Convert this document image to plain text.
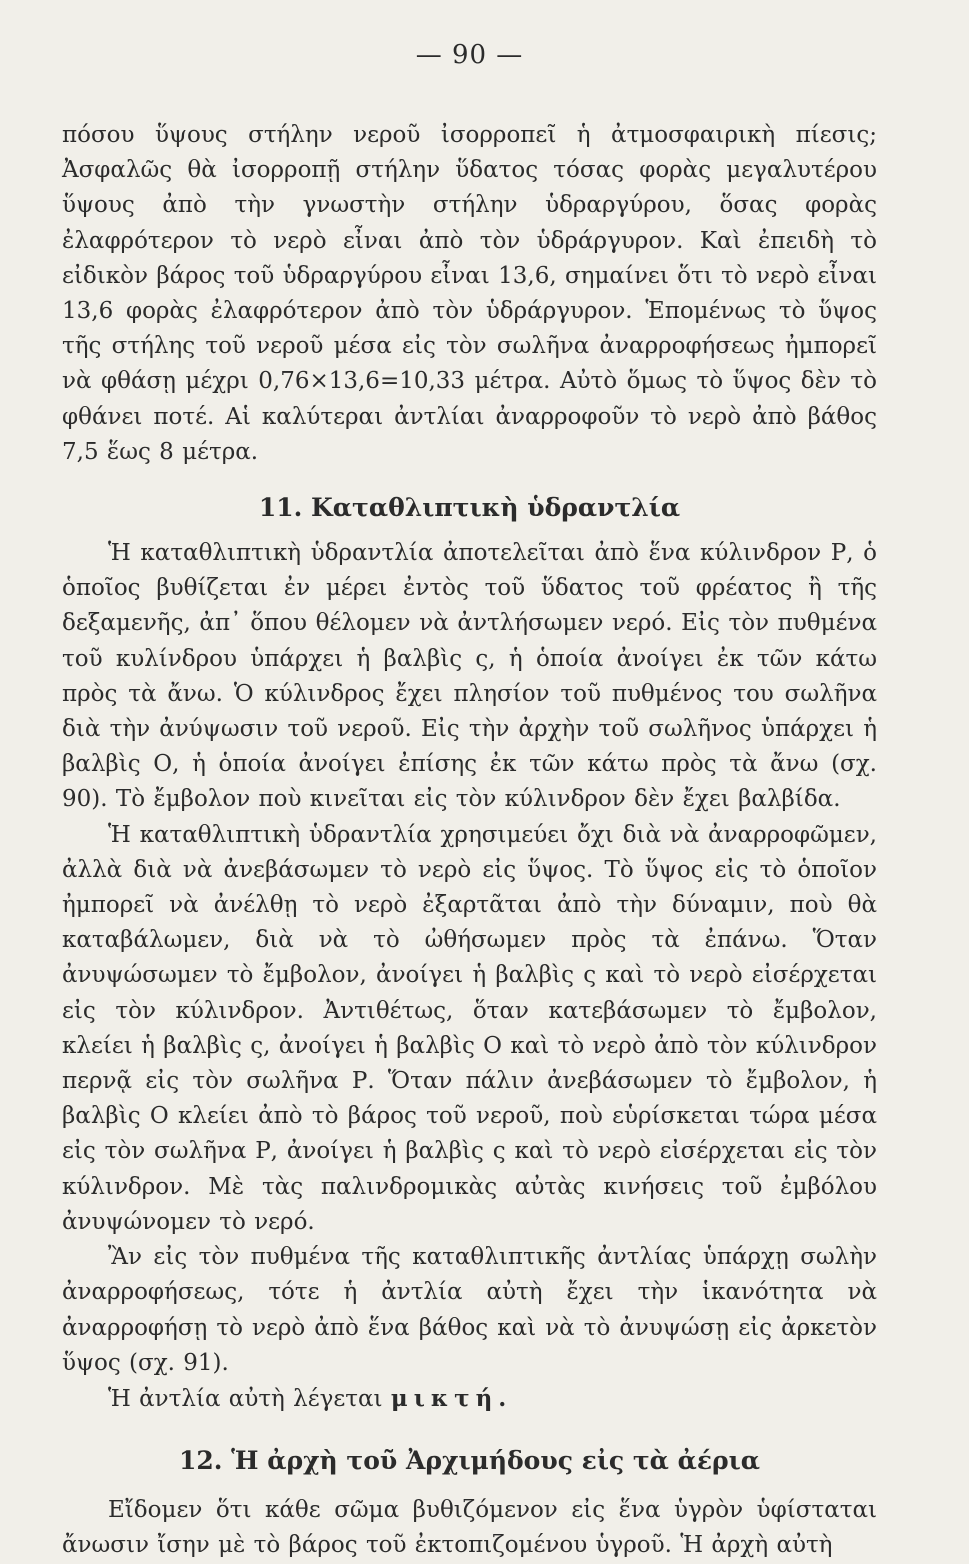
— 90 —

πόσου ὕψους στήλην νεροῦ ἰσορροπεῖ ἡ ἀτμοσφαιρικὴ πίεσις; Ἀσφαλῶς θὰ ἰσορροπῇ στήλην ὕδατος τόσας φορὰς μεγαλυτέρου ὕψους ἀπὸ τὴν γνωστὴν στήλην ὑδραργύρου, ὅσας φορὰς ἐλαφρότερον τὸ νερὸ εἶναι ἀπὸ τὸν ὑδράργυρον. Καὶ ἐπειδὴ τὸ εἰδικὸν βάρος τοῦ ὑδραργύρου εἶναι 13,6, σημαίνει ὅτι τὸ νερὸ εἶναι 13,6 φορὰς ἐλαφρότερον ἀπὸ τὸν ὑδράργυρον. Ἑπομένως τὸ ὕψος τῆς στήλης τοῦ νεροῦ μέσα εἰς τὸν σωλῆνα ἀναρροφήσεως ἠμπορεῖ νὰ φθάσῃ μέχρι 0,76×13,6=10,33 μέτρα. Αὐτὸ ὅμως τὸ ὕψος δὲν τὸ φθάνει ποτέ. Αἱ καλύτεραι ἀντλίαι ἀναρροφοῦν τὸ νερὸ ἀπὸ βάθος 7,5 ἕως 8 μέτρα.

11. Καταθλιπτικὴ ὑδραντλία

Ἡ καταθλιπτικὴ ὑδραντλία ἀποτελεῖται ἀπὸ ἕνα κύλινδρον Ρ, ὁ ὁποῖος βυθίζεται ἐν μέρει ἐντὸς τοῦ ὕδατος τοῦ φρέατος ἢ τῆς δεξαμενῆς, ἀπ᾽ ὅπου θέλομεν νὰ ἀντλήσωμεν νερό. Εἰς τὸν πυθμένα τοῦ κυλίνδρου ὑπάρχει ἡ βαλβὶς ς, ἡ ὁποία ἀνοίγει ἐκ τῶν κάτω πρὸς τὰ ἄνω. Ὁ κύλινδρος ἔχει πλησίον τοῦ πυθμένος του σωλῆνα διὰ τὴν ἀνύψωσιν τοῦ νεροῦ. Εἰς τὴν ἀρχὴν τοῦ σωλῆνος ὑπάρχει ἡ βαλβὶς Ο, ἡ ὁποία ἀνοίγει ἐπίσης ἐκ τῶν κάτω πρὸς τὰ ἄνω (σχ. 90). Τὸ ἔμβολον ποὺ κινεῖται εἰς τὸν κύλινδρον δὲν ἔχει βαλβίδα.

Ἡ καταθλιπτικὴ ὑδραντλία χρησιμεύει ὄχι διὰ νὰ ἀναρροφῶμεν, ἀλλὰ διὰ νὰ ἀνεβάσωμεν τὸ νερὸ εἰς ὕψος. Τὸ ὕψος εἰς τὸ ὁποῖον ἠμπορεῖ νὰ ἀνέλθῃ τὸ νερὸ ἐξαρτᾶται ἀπὸ τὴν δύναμιν, ποὺ θὰ καταβάλωμεν, διὰ νὰ τὸ ὠθήσωμεν πρὸς τὰ ἐπάνω. Ὅταν ἀνυψώσωμεν τὸ ἔμβολον, ἀνοίγει ἡ βαλβὶς ς καὶ τὸ νερὸ εἰσέρχεται εἰς τὸν κύλινδρον. Ἀντιθέτως, ὅταν κατεβάσωμεν τὸ ἔμβολον, κλείει ἡ βαλβὶς ς, ἀνοίγει ἡ βαλβὶς Ο καὶ τὸ νερὸ ἀπὸ τὸν κύλινδρον περνᾷ εἰς τὸν σωλῆνα Ρ. Ὅταν πάλιν ἀνεβάσωμεν τὸ ἔμβολον, ἡ βαλβὶς Ο κλείει ἀπὸ τὸ βάρος τοῦ νεροῦ, ποὺ εὑρίσκεται τώρα μέσα εἰς τὸν σωλῆνα Ρ, ἀνοίγει ἡ βαλβὶς ς καὶ τὸ νερὸ εἰσέρχεται εἰς τὸν κύλινδρον. Μὲ τὰς παλινδρομικὰς αὐτὰς κινήσεις τοῦ ἐμβόλου ἀνυψώνομεν τὸ νερό.

Ἂν εἰς τὸν πυθμένα τῆς καταθλιπτικῆς ἀντλίας ὑπάρχῃ σωλὴν ἀναρροφήσεως, τότε ἡ ἀντλία αὐτὴ ἔχει τὴν ἱκανότητα νὰ ἀναρροφήσῃ τὸ νερὸ ἀπὸ ἕνα βάθος καὶ νὰ τὸ ἀνυψώσῃ εἰς ἀρκετὸν ὕψος (σχ. 91).

Ἡ ἀντλία αὐτὴ λέγεται μικτή.

12. Ἡ ἀρχὴ τοῦ Ἀρχιμήδους εἰς τὰ ἀέρια

Εἴδομεν ὅτι κάθε σῶμα βυθιζόμενον εἰς ἕνα ὑγρὸν ὑφίσταται ἄνωσιν ἴσην μὲ τὸ βάρος τοῦ ἐκτοπιζομένου ὑγροῦ. Ἡ ἀρχὴ αὐτὴ
